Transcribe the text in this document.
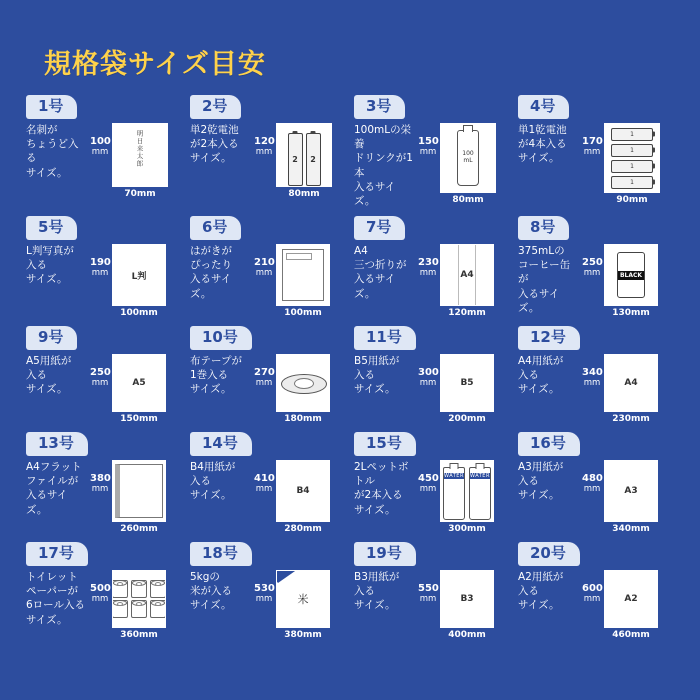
規格袋サイズ目安
1号
名刺が
ちょうど入る
サイズ。
100
mm	明日来太郎
70mm
2号
単2乾電池
が2本入る
サイズ。
120
mm
2	2
80mm
3号
100mLの栄養
ドリンクが1本
入るサイズ。
150
mm	100 mL
80mm
4号
単1乾電池
が4本入る
サイズ。
170
mm
1
1
1
1
90mm
5号
L判写真が
入る
サイズ。
190
mm	L判
100mm
6号
はがきが
ぴったり
入るサイズ。
210
mm
100mm
7号
A4
三つ折りが
入るサイズ。
230
mm	A4
120mm
8号
375mLの
コーヒー缶が
入るサイズ。
250
mm	BLACK
130mm
9号
A5用紙が
入る
サイズ。
250
mm	A5
150mm
10号
布テープが
1巻入る
サイズ。
270
mm
180mm
11号
B5用紙が
入る
サイズ。
300
mm	B5
200mm
12号
A4用紙が
入る
サイズ。
340
mm	A4
230mm
13号
A4フラット
ファイルが
入るサイズ。
380
mm
260mm
14号
B4用紙が
入る
サイズ。
410
mm	B4
280mm
15号
2Lペットボトル
が2本入る
サイズ。
450
mm
WATER WATER
300mm
16号
A3用紙が
入る
サイズ。
480
mm	A3
340mm
17号
トイレット
ペーパーが
6ロール入る
サイズ。
500
mm
360mm
18号
5kgの
米が入る
サイズ。
530
mm 米
380mm
19号
B3用紙が
入る
サイズ。
550
mm	B3
400mm
20号
A2用紙が
入る
サイズ。
600
mm	A2
460mm
